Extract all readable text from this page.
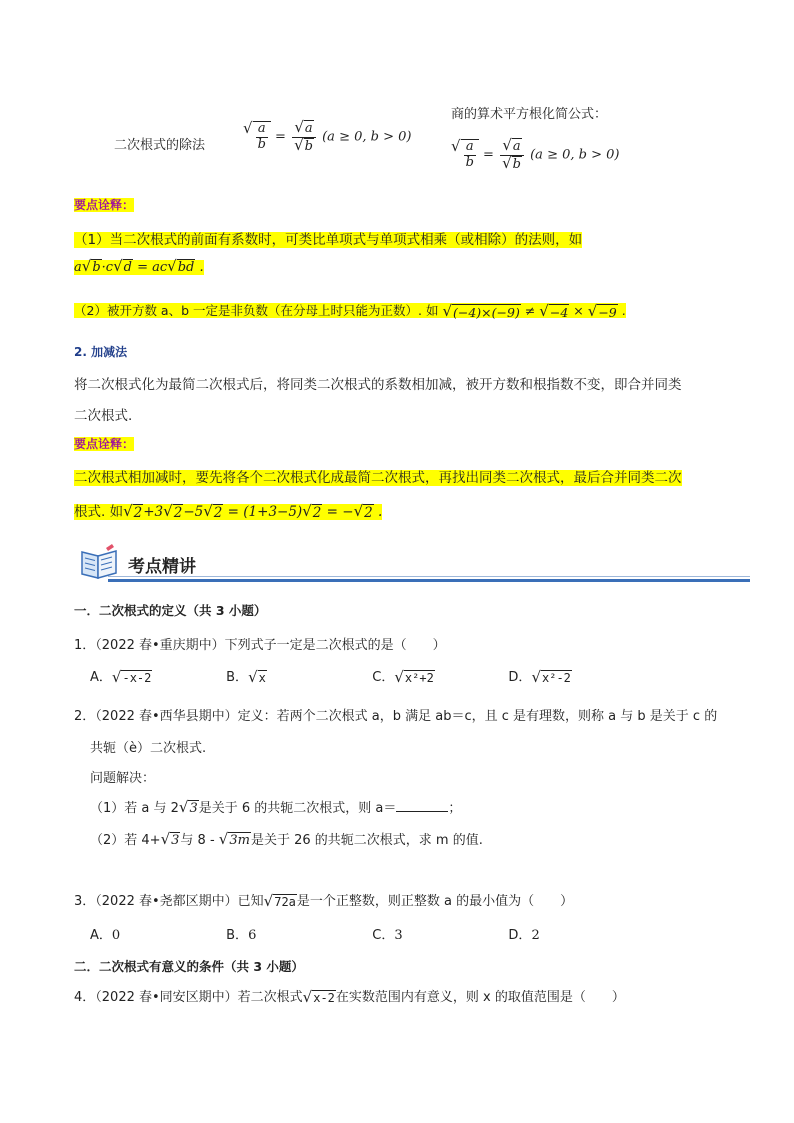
商的算术平方根化简公式：
二次根式的除法
√ $\frac{a}{b} = \frac{√ a}{√ b} (a \ge 0$, b > 0)
√ $\frac{a}{b} = \frac{√ a}{√ b} (a \ge 0$, b > 0)
要点诠释：
（1）当二次根式的前面有系数时，可类比单项式与单项式相乘（或相除）的法则，如
a √ b ·c √ d = ac √ bd .
（2）被开方数 a、b 一定是非负数（在分母上时只能为正数）. 如 √ (−4)×(−9) ≠ √ −4 × √ −9 .
2. 加减法
将二次根式化为最简二次根式后，将同类二次根式的系数相加减，被开方数和根指数不变，即合并同类
二次根式.
要点诠释：
二次根式相加减时，要先将各个二次根式化成最简二次根式，再找出同类二次根式，最后合并同类二次
根式. 如 √ 2 +3 √ 2 −5 √ 2 = (1+3−5) √ 2 = − √ 2 .
考点精讲
一．二次根式的定义（共 3 小题）
1．（2022 春•重庆期中）下列式子一定是二次根式的是（　　）
A．√-x-2	B．√x	C．√x²+2	D．√x²-2
2．（2022 春•西华县期中）定义：若两个二次根式 a，b 满足 ab＝c，且 c 是有理数，则称 a 与 b 是关于 c 的
共轭（è）二次根式.
问题解决：
（1）若 a 与 2 √ 3 是关于 6 的共轭二次根式，则 a＝	；
（2）若 4+ √ 3 与 8 - √ 3m 是关于 26 的共轭二次根式，求 m 的值.
3．（2022 春•尧都区期中）已知 √ 72a 是一个正整数，则正整数 a 的最小值为（　　）
A．0	B．6	C．3	D．2
二．二次根式有意义的条件（共 3 小题）
4．（2022 春•同安区期中）若二次根式 √ x-2 在实数范围内有意义，则 x 的取值范围是（　　）
